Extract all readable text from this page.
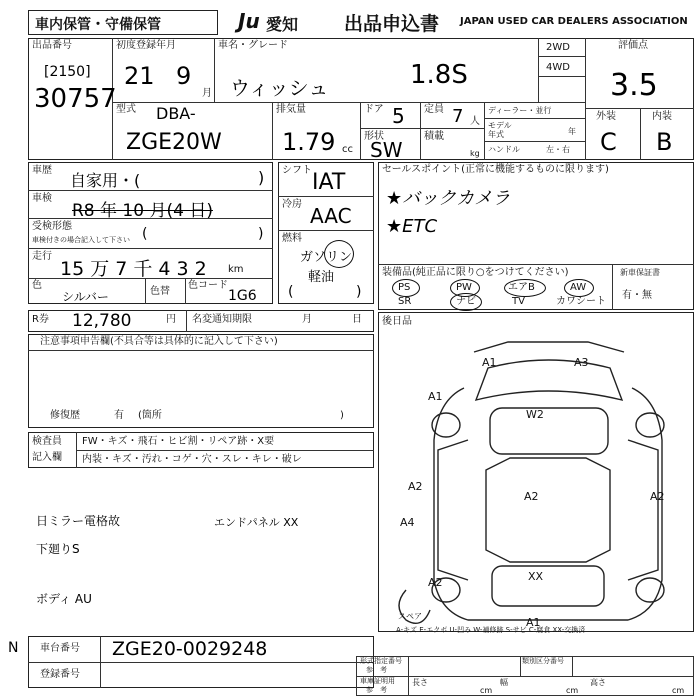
車内保管・守備保管	Ju 愛知 出品申込書 JAPAN USED CAR DEALERS ASSOCIATION
出品番号
[2150]
30757
初度登録年月
21 9
月
車名・グレード
ウィッシュ	1.8S
2WD
4WD
評価点
3.5
外装	内装
C B
型式 DBA-
ZGE20W
排気量
1.79 cc
ドア 5
形状
SW
定員 7 人
積載
kg
ディーラー・並行
モデル
年式	年
ハンドル	左・右
車歴
自家用・(	)
車検
R8 年 10 月(4 日)
受検形態
車検付きの場合記入して下さい (	)
走行
15 万 7 千 4 3 2 km
色
シルバー	色替
色コード
1G6
シフト IAT
冷房 AAC
燃料
ガソリン
軽油
(	)
セールスポイント(正常に機能するものに限ります)
★バックカメラ
★ETC
装備品(純正品に限り○をつけてください)
PS	PW	エアB	AW
SR	ナビ	TV	カワシート
新車保証書
有・無
R券 12,780	円 名変通知期限	月	日 後日品
注意事項申告欄(不具合等は具体的に記入して下さい)
修復歴	有 (箇所	)
検査員
記入欄
FW・キズ・飛石・ヒビ割・リペア跡・X要
内装・キズ・汚れ・コゲ・穴・スレ・キレ・破レ
日ミラー電格故
下廻りS
ボディ AU
エンドパネル XX
N
A1	A3
A1
W2
A2
A2	A2
A4
XX
A2
A1
スペア
A-キズ E-エクボ U-凹み W-補修跡 S-サビ C-腐食 XX-交換済
車台番号 ZGE20-0029248
登録番号
形式指定番号
参 考
類別区分番号
車庫証明用
参 考
長さ
cm
幅
cm
高さ
cm
